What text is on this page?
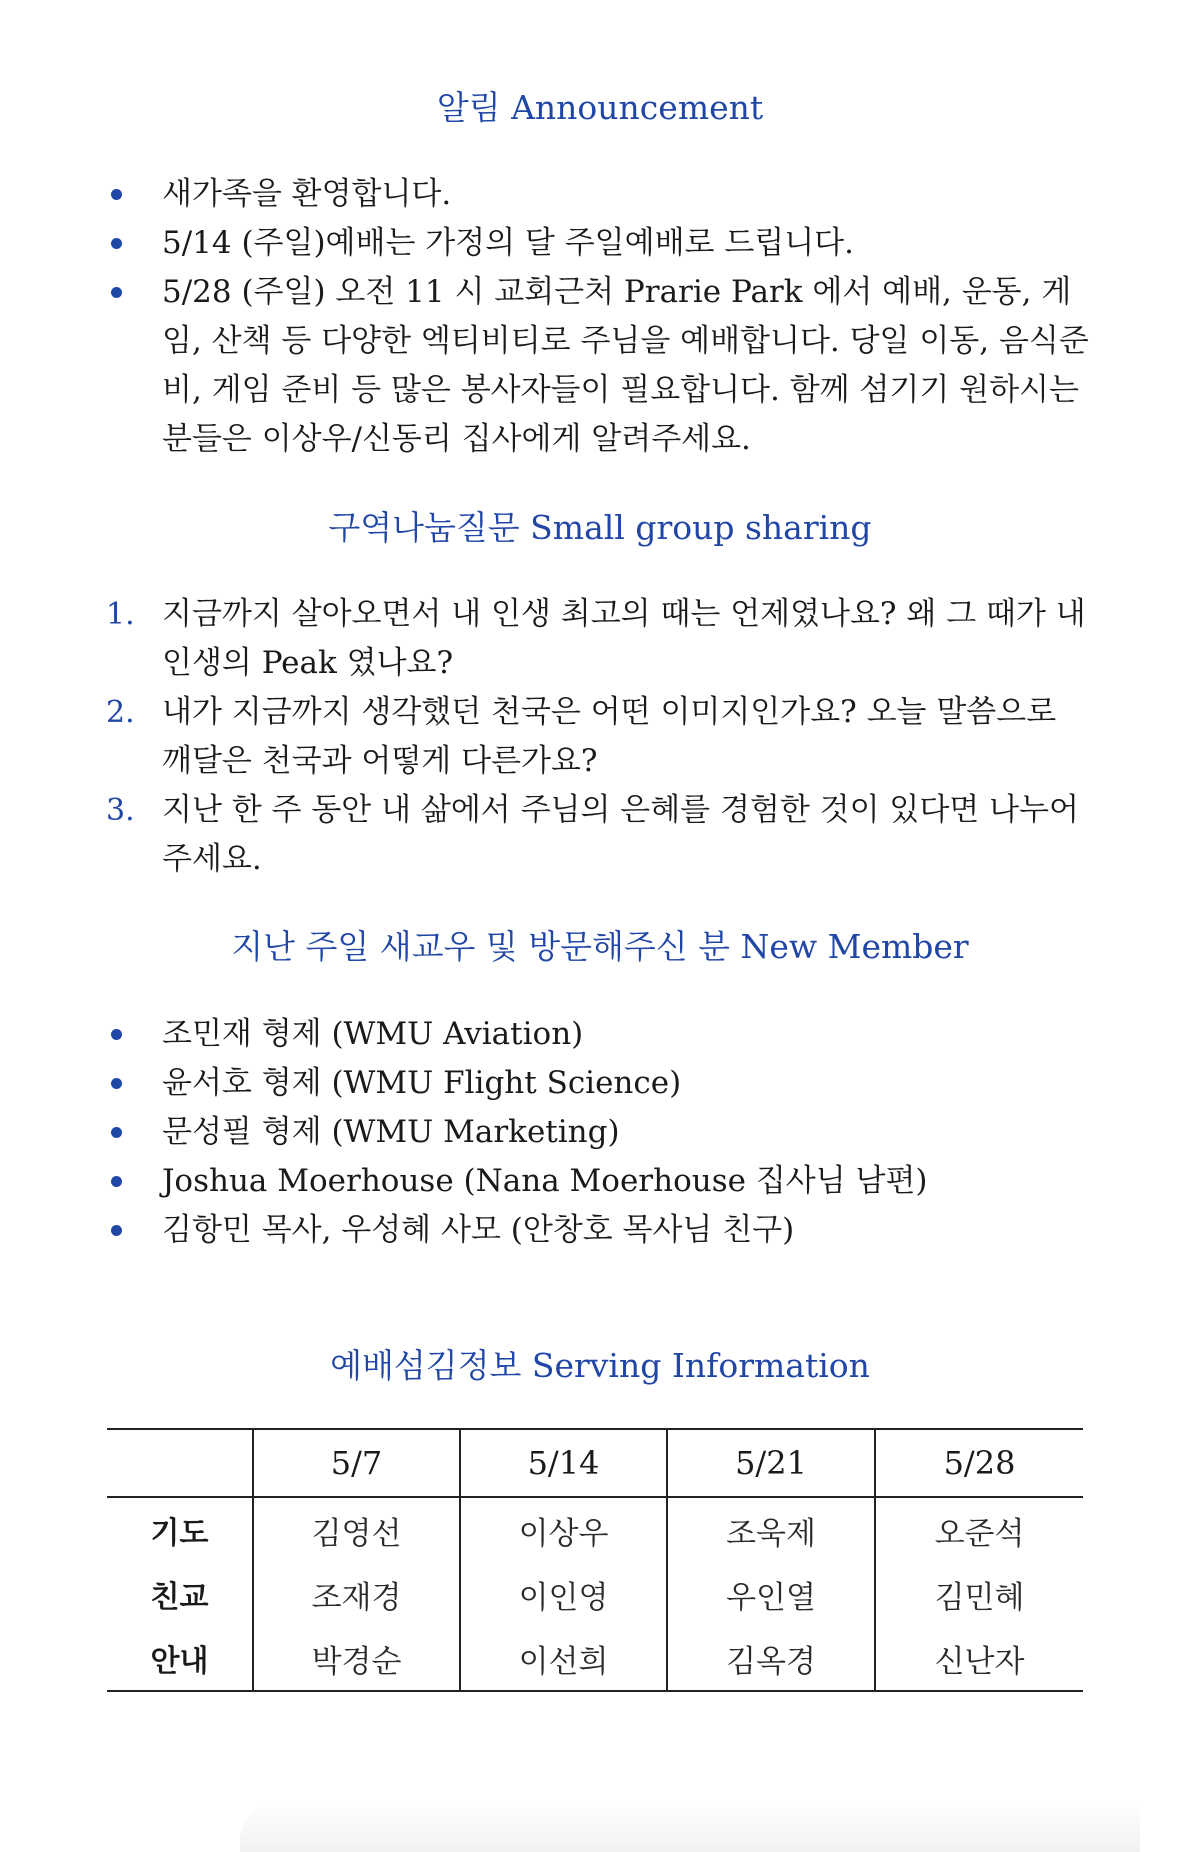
알림 Announcement
새가족을 환영합니다.
5/14 (주일)예배는 가정의 달 주일예배로 드립니다.
5/28 (주일) 오전 11 시 교회근처 Prarie Park 에서 예배, 운동, 게임, 산책 등 다양한 엑티비티로 주님을 예배합니다. 당일 이동, 음식준비, 게임 준비 등 많은 봉사자들이 필요합니다. 함께 섬기기 원하시는 분들은 이상우/신동리 집사에게 알려주세요.
구역나눔질문 Small group sharing
1. 지금까지 살아오면서 내 인생 최고의 때는 언제였나요? 왜 그 때가 내 인생의 Peak 였나요?
2. 내가 지금까지 생각했던 천국은 어떤 이미지인가요? 오늘 말씀으로 깨달은 천국과 어떻게 다른가요?
3. 지난 한 주 동안 내 삶에서 주님의 은혜를 경험한 것이 있다면 나누어 주세요.
지난 주일 새교우 및 방문해주신 분 New Member
조민재 형제 (WMU Aviation)
윤서호 형제 (WMU Flight Science)
문성필 형제 (WMU Marketing)
Joshua Moerhouse (Nana Moerhouse 집사님 남편)
김항민 목사, 우성혜 사모 (안창호 목사님 친구)
예배섬김정보 Serving Information
	5/7	5/14	5/21	5/28
기도	김영선	이상우	조욱제	오준석
친교	조재경	이인영	우인열	김민혜
안내	박경순	이선희	김옥경	신난자
